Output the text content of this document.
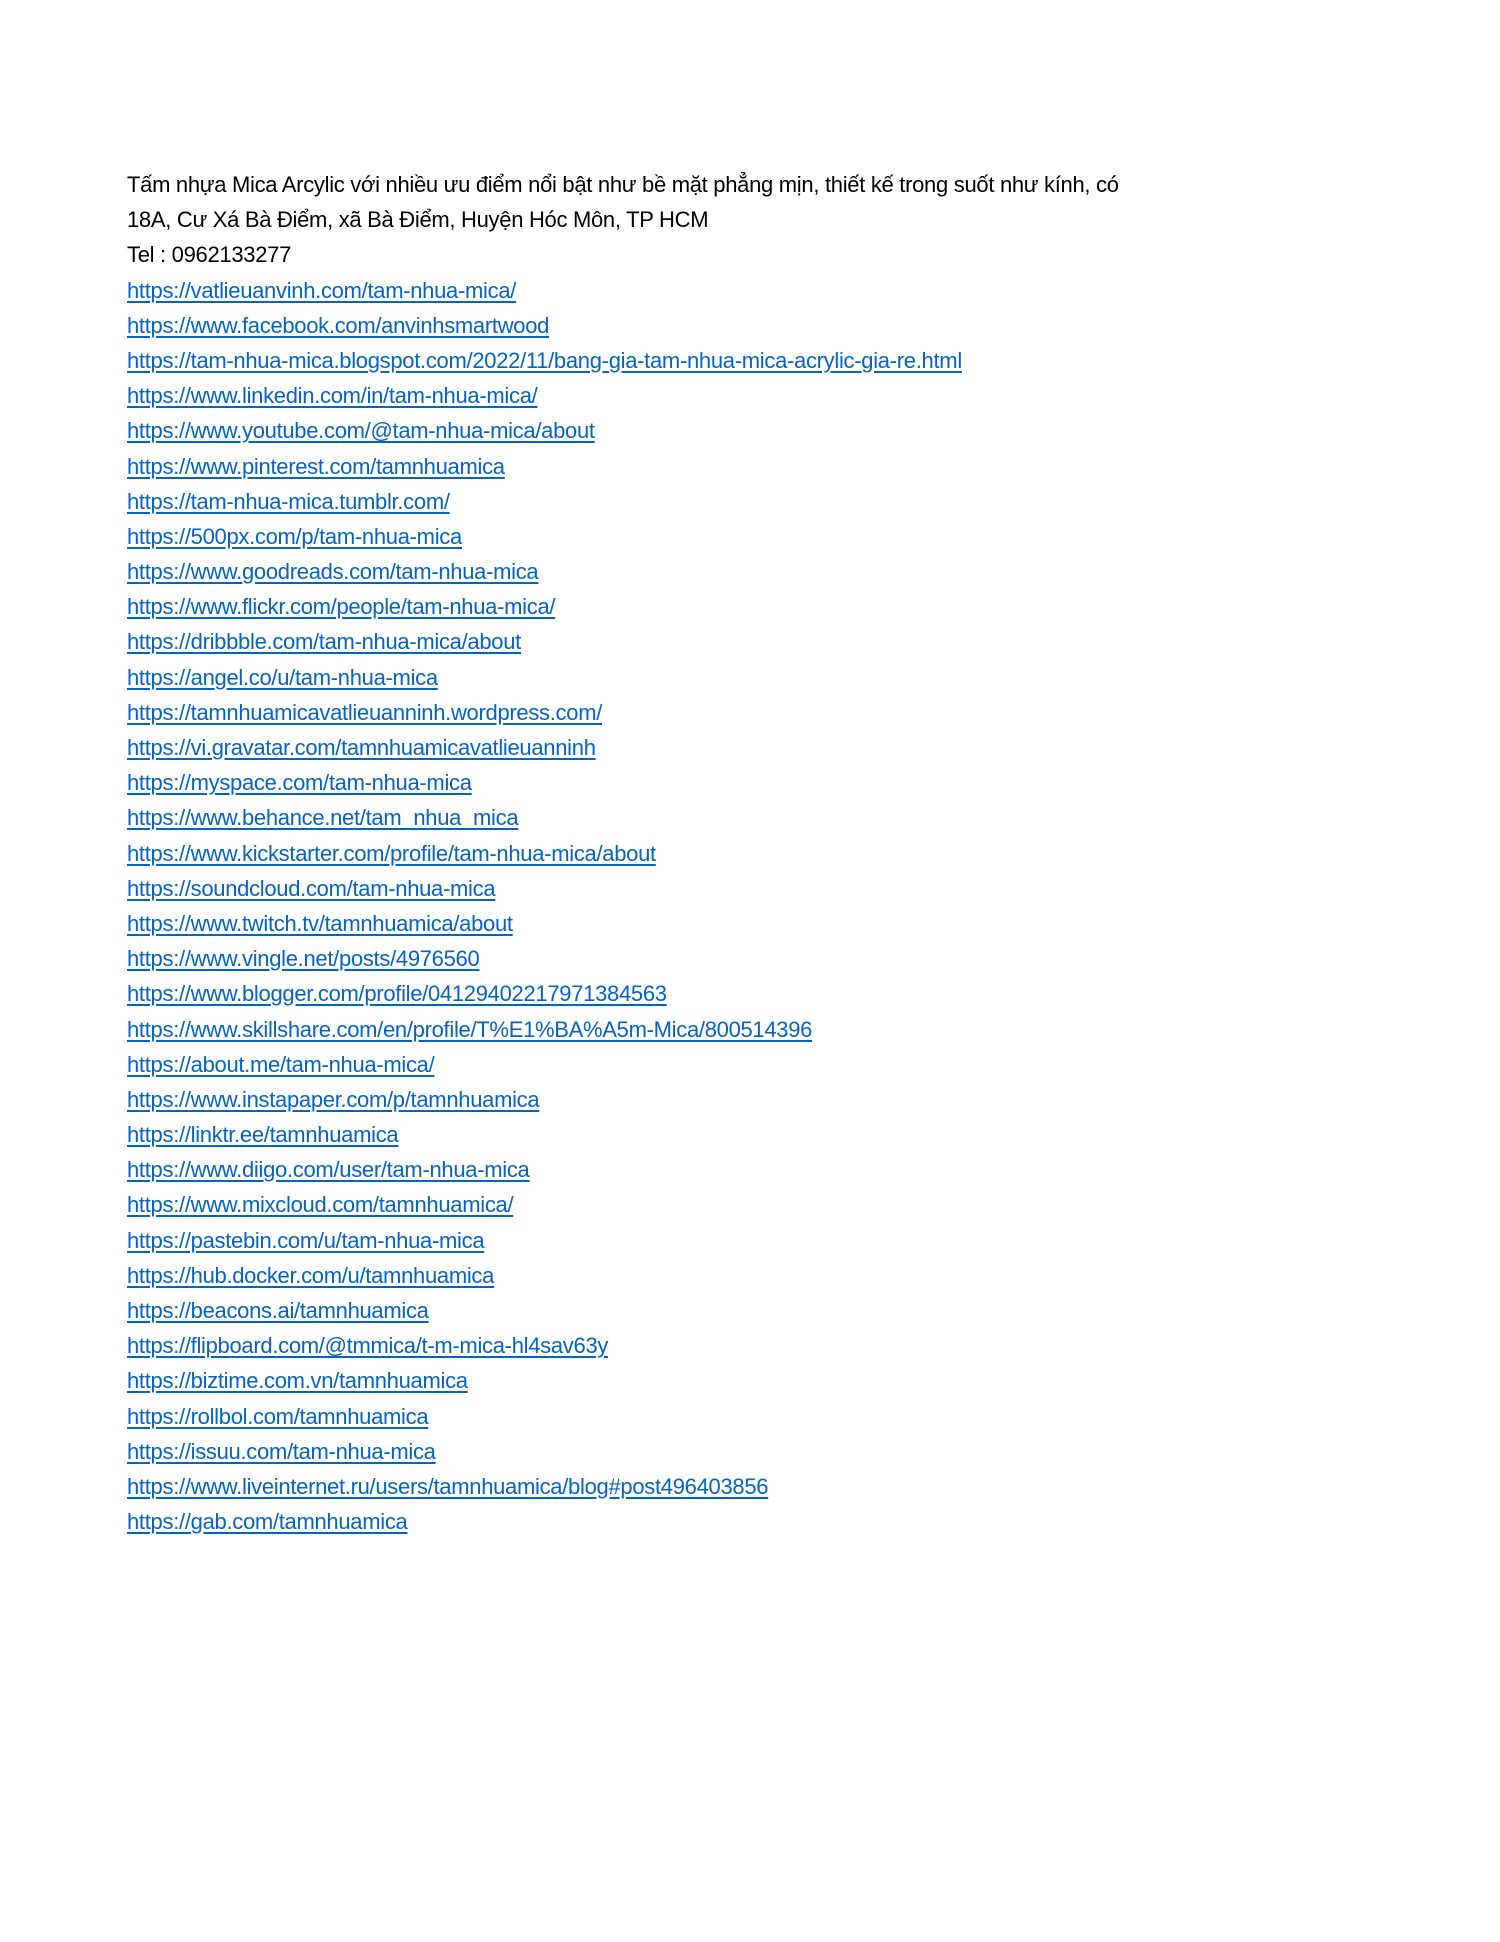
Tấm nhựa Mica Arcylic với nhiều ưu điểm nổi bật như bề mặt phẳng mịn, thiết kế trong suốt như kính, có
18A, Cư Xá Bà Điểm, xã Bà Điểm, Huyện Hóc Môn, TP HCM
Tel : 0962133277
https://vatlieuanvinh.com/tam-nhua-mica/
https://www.facebook.com/anvinhsmartwood
https://tam-nhua-mica.blogspot.com/2022/11/bang-gia-tam-nhua-mica-acrylic-gia-re.html
https://www.linkedin.com/in/tam-nhua-mica/
https://www.youtube.com/@tam-nhua-mica/about
https://www.pinterest.com/tamnhuamica
https://tam-nhua-mica.tumblr.com/
https://500px.com/p/tam-nhua-mica
https://www.goodreads.com/tam-nhua-mica
https://www.flickr.com/people/tam-nhua-mica/
https://dribbble.com/tam-nhua-mica/about
https://angel.co/u/tam-nhua-mica
https://tamnhuamicavatlieuanninh.wordpress.com/
https://vi.gravatar.com/tamnhuamicavatlieuanninh
https://myspace.com/tam-nhua-mica
https://www.behance.net/tam_nhua_mica
https://www.kickstarter.com/profile/tam-nhua-mica/about
https://soundcloud.com/tam-nhua-mica
https://www.twitch.tv/tamnhuamica/about
https://www.vingle.net/posts/4976560
https://www.blogger.com/profile/04129402217971384563
https://www.skillshare.com/en/profile/T%E1%BA%A5m-Mica/800514396
https://about.me/tam-nhua-mica/
https://www.instapaper.com/p/tamnhuamica
https://linktr.ee/tamnhuamica
https://www.diigo.com/user/tam-nhua-mica
https://www.mixcloud.com/tamnhuamica/
https://pastebin.com/u/tam-nhua-mica
https://hub.docker.com/u/tamnhuamica
https://beacons.ai/tamnhuamica
https://flipboard.com/@tmmica/t-m-mica-hl4sav63y
https://biztime.com.vn/tamnhuamica
https://rollbol.com/tamnhuamica
https://issuu.com/tam-nhua-mica
https://www.liveinternet.ru/users/tamnhuamica/blog#post496403856
https://gab.com/tamnhuamica
